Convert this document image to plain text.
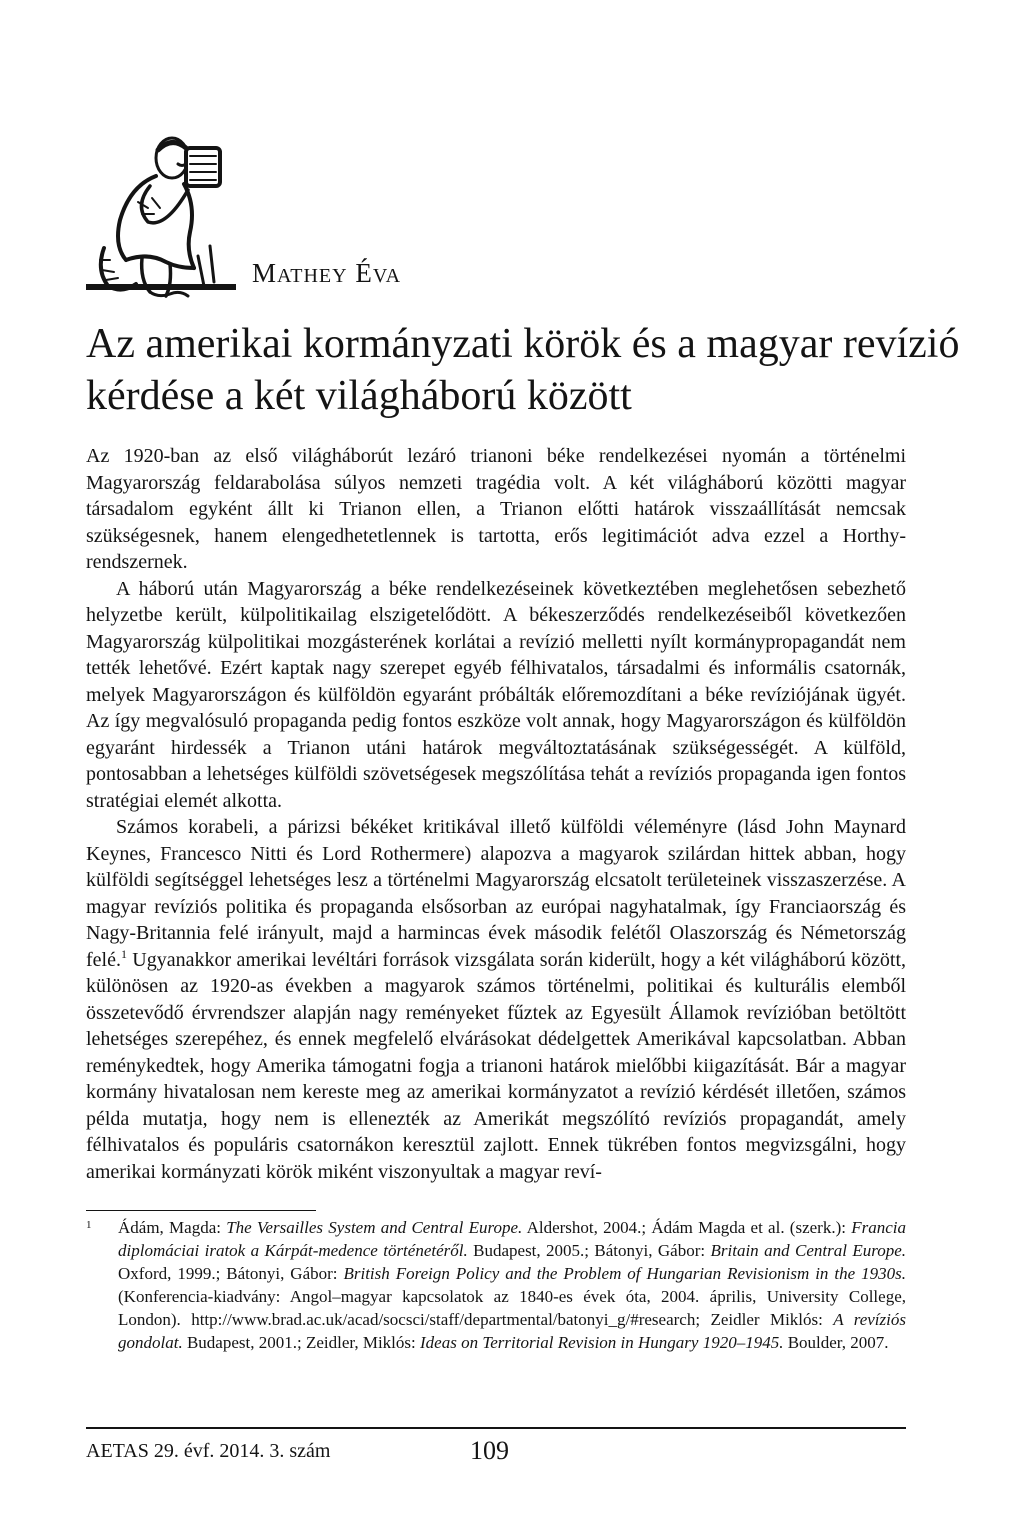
MATHEY ÉVA
Az amerikai kormányzati körök és a magyar revízió
kérdése a két világháború között

Az 1920-ban az első világháborút lezáró trianoni béke rendelkezései nyomán a történelmi Magyarország feldarabolása súlyos nemzeti tragédia volt. A két világháború közötti magyar társadalom egyként állt ki Trianon ellen, a Trianon előtti határok visszaállítását nemcsak szükségesnek, hanem elengedhetetlennek is tartotta, erős legitimációt adva ezzel a Horthy-rendszernek.

A háború után Magyarország a béke rendelkezéseinek következtében meglehetősen sebezhető helyzetbe került, külpolitikailag elszigetelődött. A békeszerződés rendelkezéseiből következően Magyarország külpolitikai mozgásterének korlátai a revízió melletti nyílt kormánypropagandát nem tették lehetővé. Ezért kaptak nagy szerepet egyéb félhivatalos, társadalmi és informális csatornák, melyek Magyarországon és külföldön egyaránt próbálták előremozdítani a béke revíziójának ügyét. Az így megvalósuló propaganda pedig fontos eszköze volt annak, hogy Magyarországon és külföldön egyaránt hirdessék a Trianon utáni határok megváltoztatásának szükségességét. A külföld, pontosabban a lehetséges külföldi szövetségesek megszólítása tehát a revíziós propaganda igen fontos stratégiai elemét alkotta.

Számos korabeli, a párizsi békéket kritikával illető külföldi véleményre (lásd John Maynard Keynes, Francesco Nitti és Lord Rothermere) alapozva a magyarok szilárdan hittek abban, hogy külföldi segítséggel lehetséges lesz a történelmi Magyarország elcsatolt területeinek visszaszerzése. A magyar revíziós politika és propaganda elsősorban az európai nagyhatalmak, így Franciaország és Nagy-Britannia felé irányult, majd a harmincas évek második felétől Olaszország és Németország felé.$^1$ Ugyanakkor amerikai levéltári források vizsgálata során kiderült, hogy a két világháború között, különösen az 1920-as években a magyarok számos történelmi, politikai és kulturális elemből összetevődő érvrendszer alapján nagy reményeket fűztek az Egyesült Államok revízióban betöltött lehetséges szerepéhez, és ennek megfelelő elvárásokat dédelgettek Amerikával kapcsolatban. Abban reménykedtek, hogy Amerika támogatni fogja a trianoni határok mielőbbi kiigazítását. Bár a magyar kormány hivatalosan nem kereste meg az amerikai kormányzatot a revízió kérdését illetően, számos példa mutatja, hogy nem is ellenezték az Amerikát megszólító revíziós propagandát, amely félhivatalos és populáris csatornákon keresztül zajlott. Ennek tükrében fontos megvizsgálni, hogy amerikai kormányzati körök miként viszonyultak a magyar reví-

1 Ádám, Magda: The Versailles System and Central Europe. Aldershot, 2004.; Ádám Magda et al. (szerk.): Francia diplomáciai iratok a Kárpát-medence történetéről. Budapest, 2005.; Bátonyi, Gábor: Britain and Central Europe. Oxford, 1999.; Bátonyi, Gábor: British Foreign Policy and the Problem of Hungarian Revisionism in the 1930s. (Konferencia-kiadvány: Angol–magyar kapcsolatok az 1840-es évek óta, 2004. április, University College, London). http://www.brad.ac.uk/acad/socsci/staff/departmental/batonyi_g/#research; Zeidler Miklós: A revíziós gondolat. Budapest, 2001.; Zeidler, Miklós: Ideas on Territorial Revision in Hungary 1920–1945. Boulder, 2007.
AETAS 29. évf. 2014. 3. szám	109
